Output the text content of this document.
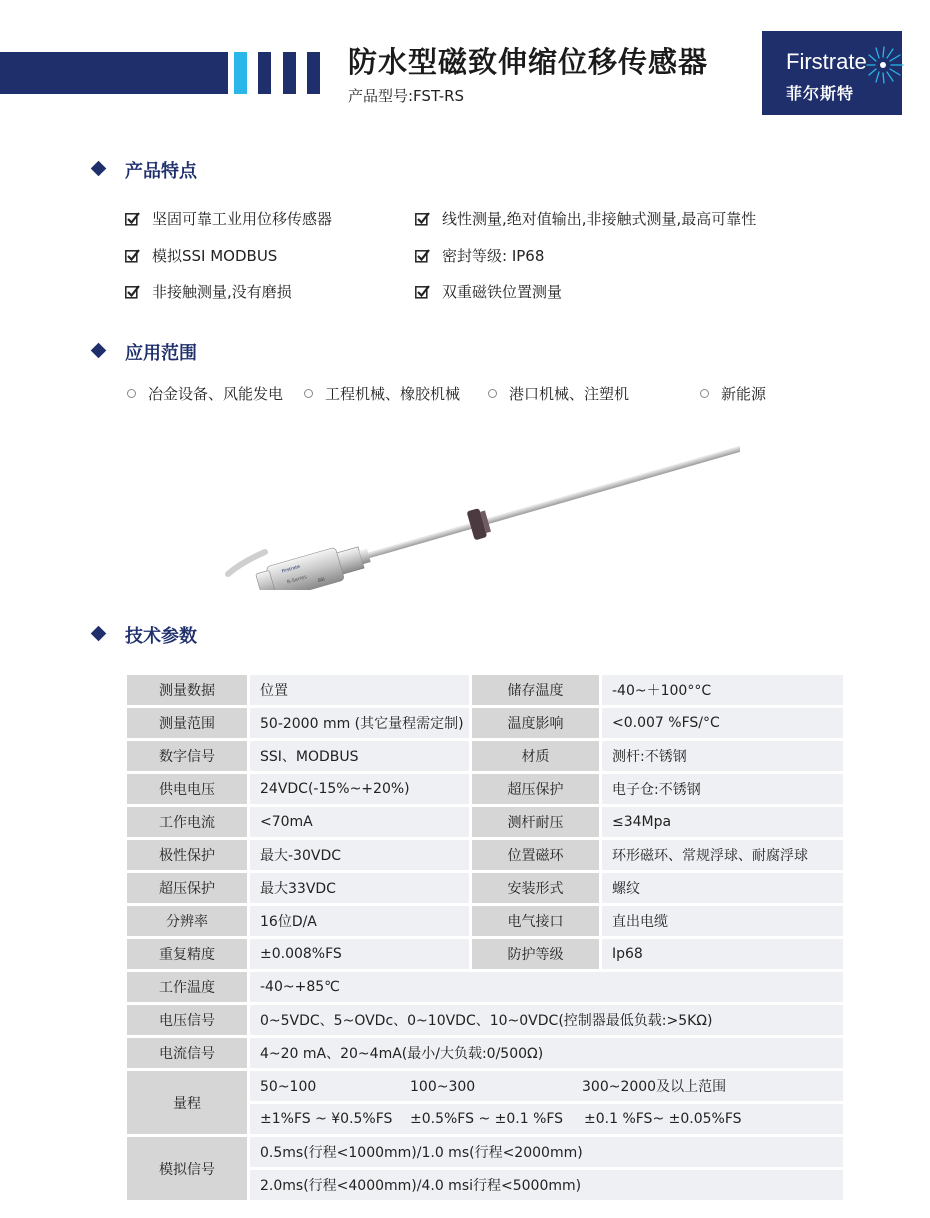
防水型磁致伸缩位移传感器
产品型号:FST-RS
Firstrate
菲尔斯特
产品特点
坚固可靠工业用位移传感器	线性测量,绝对值输出,非接触式测量,最高可靠性
模拟SSI MODBUS	密封等级: IP68
非接触测量,没有磨损	双重磁铁位置测量
应用范围
冶金设备、风能发电	工程机械、橡胶机械	港口机械、注塑机	新能源
Firstrate
R-Series SSI
技术参数
测量数据	位置	储存温度	-40~＋100°°C
测量范围	50-2000 mm (其它量程需定制)	温度影响	<0.007 %FS/°C
数字信号	SSI、MODBUS	材质	测杆:不锈钢
供电电压	24VDC(-15%~+20%)	超压保护	电子仓:不锈钢
工作电流	<70mA	测杆耐压	≤34Mpa
极性保护	最大-30VDC	位置磁环	环形磁环、常规浮球、耐腐浮球
超压保护	最大33VDC	安装形式	螺纹
分辨率	16位D/A	电气接口	直出电缆
重复精度	±0.008%FS	防护等级	Ip68
工作温度	-40~+85℃		
电压信号	0~5VDC、5~OVDc、0~10VDC、10~0VDC(控制器最低负载:>5KΩ)		
电流信号	4~20 mA、20~4mA(最小/大负载:0/500Ω)		
量程	50~100 100~300 300~2000及以上范围		
	±1%FS ~ ¥0.5%FS ±0.5%FS ~ ±0.1 %FS ±0.1 %FS~ ±0.05%FS		
模拟信号	0.5ms(行程<1000mm)/1.0 ms(行程<2000mm)		
	2.0ms(行程<4000mm)/4.0 msi行程<5000mm)		
